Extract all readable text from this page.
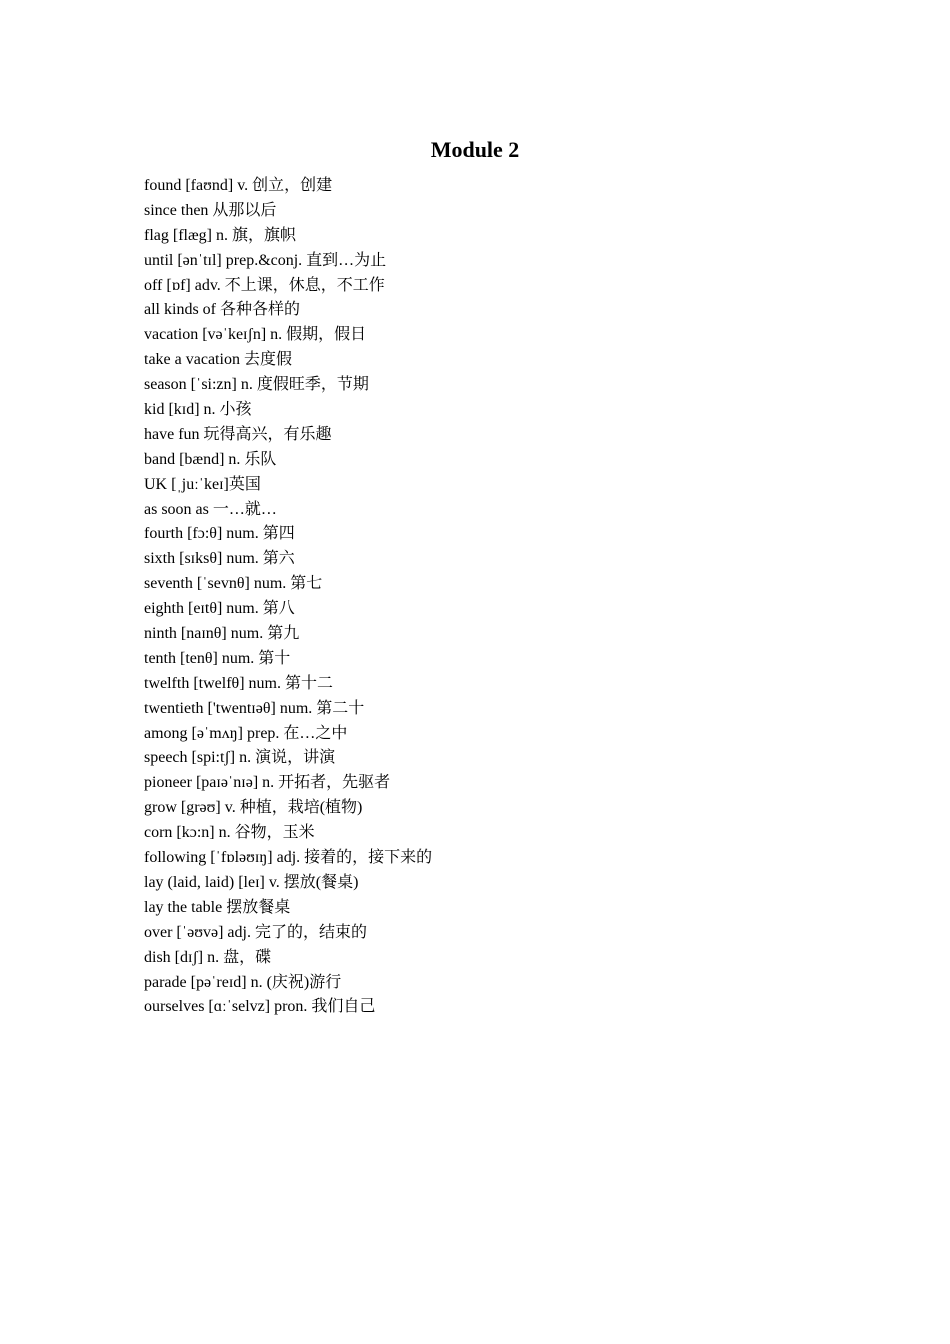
Module 2
found [faʊnd] v. 创立，创建
since then 从那以后
flag [flæg] n. 旗，旗帜
until [ənˈtɪl] prep.&conj. 直到…为止
off [ɒf] adv. 不上课，休息，不工作
all kinds of 各种各样的
vacation [vəˈkeɪʃn] n. 假期，假日
take a vacation 去度假
season [ˈsi:zn] n. 度假旺季，节期
kid [kɪd] n. 小孩
have fun 玩得高兴，有乐趣
band [bænd] n. 乐队
UK [ˌjuːˈkeɪ]英国
as soon as 一…就…
fourth [fɔ:θ] num. 第四
sixth [sɪksθ] num. 第六
seventh [ˈsevnθ] num. 第七
eighth [eɪtθ] num. 第八
ninth [naɪnθ] num. 第九
tenth [tenθ] num. 第十
twelfth [twelfθ] num. 第十二
twentieth ['twentɪəθ] num. 第二十
among [əˈmʌŋ] prep. 在…之中
speech [spi:tʃ] n. 演说，讲演
pioneer [paɪəˈnɪə] n. 开拓者，先驱者
grow [grəʊ] v. 种植，栽培(植物)
corn [kɔ:n] n. 谷物，玉米
following [ˈfɒləʊɪŋ] adj. 接着的，接下来的
lay (laid, laid) [leɪ] v. 摆放(餐桌)
lay the table 摆放餐桌
over [ˈəʊvə] adj. 完了的，结束的
dish [dɪʃ] n. 盘，碟
parade [pəˈreɪd] n. (庆祝)游行
ourselves [ɑːˈselvz] pron. 我们自己
